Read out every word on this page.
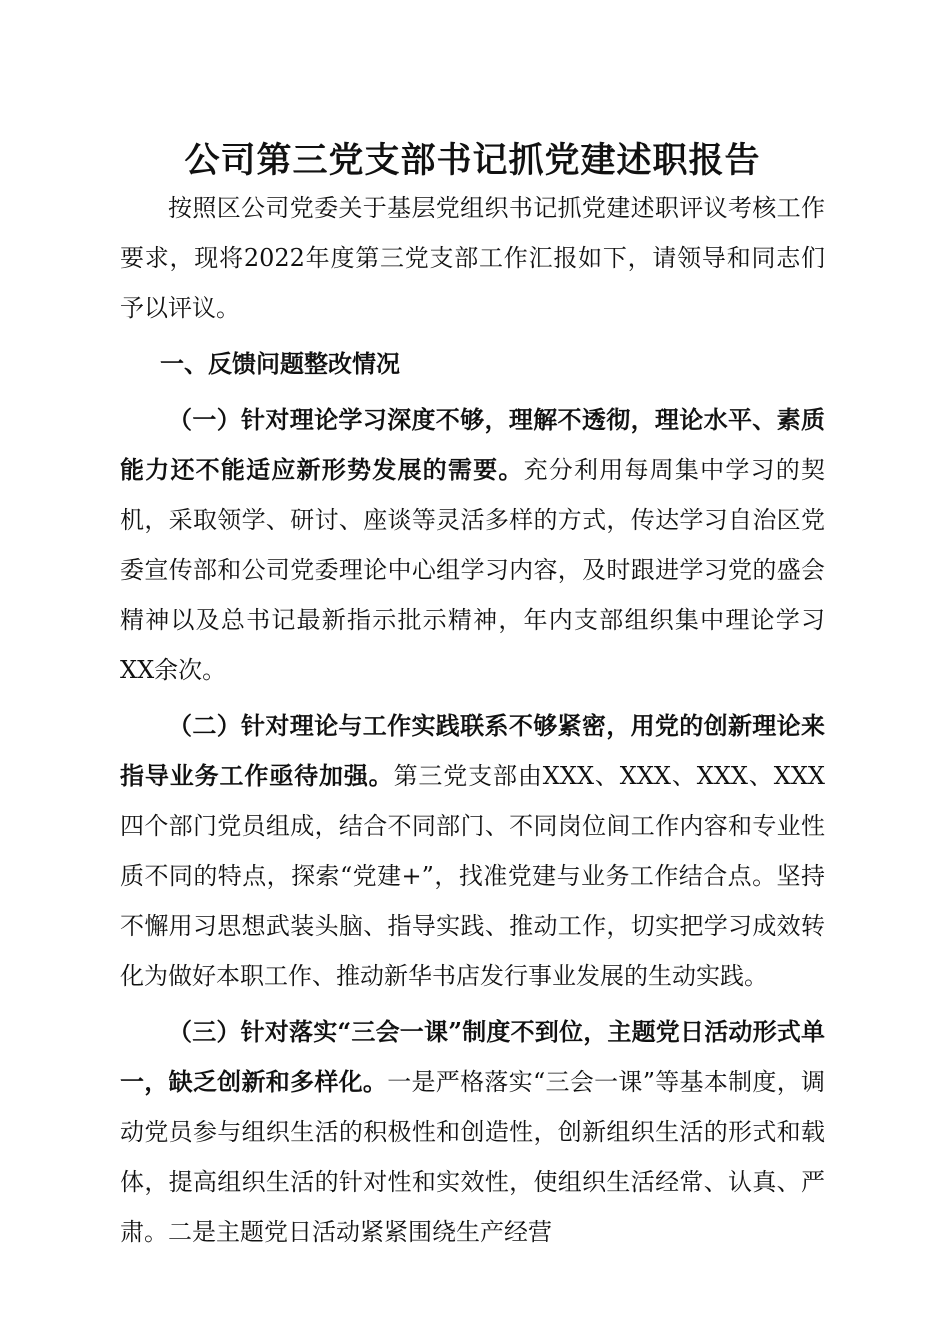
公司第三党支部书记抓党建述职报告

按照区公司党委关于基层党组织书记抓党建述职评议考核工作要求，现将2022年度第三党支部工作汇报如下，请领导和同志们予以评议。

一、反馈问题整改情况

（一）针对理论学习深度不够，理解不透彻，理论水平、素质能力还不能适应新形势发展的需要。充分利用每周集中学习的契机，采取领学、研讨、座谈等灵活多样的方式，传达学习自治区党委宣传部和公司党委理论中心组学习内容，及时跟进学习党的盛会精神以及总书记最新指示批示精神，年内支部组织集中理论学习XX余次。

（二）针对理论与工作实践联系不够紧密，用党的创新理论来指导业务工作亟待加强。第三党支部由XXX、XXX、XXX、XXX四个部门党员组成，结合不同部门、不同岗位间工作内容和专业性质不同的特点，探索“党建+”，找准党建与业务工作结合点。坚持不懈用习思想武装头脑、指导实践、推动工作，切实把学习成效转化为做好本职工作、推动新华书店发行事业发展的生动实践。

（三）针对落实“三会一课”制度不到位，主题党日活动形式单一，缺乏创新和多样化。一是严格落实“三会一课”等基本制度，调动党员参与组织生活的积极性和创造性，创新组织生活的形式和载体，提高组织生活的针对性和实效性，使组织生活经常、认真、严肃。二是主题党日活动紧紧围绕生产经营
